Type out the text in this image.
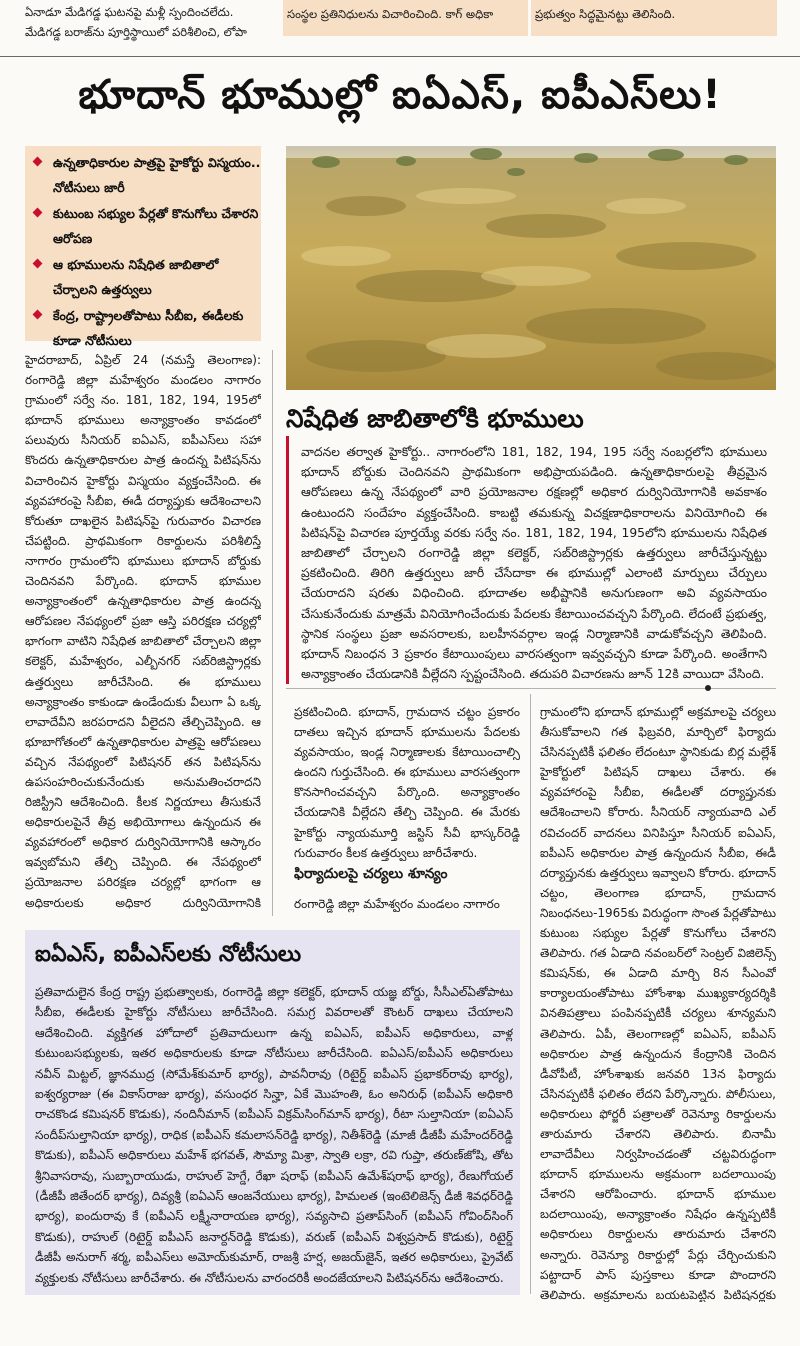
ఏనాడూ మేడిగడ్డ ఘటనపై మళ్లీ స్పందించలేదు.
మేడిగడ్డ బరాజ్‌ను పూర్తిస్థాయిలో పరిశీలించి, లోపా
సంస్థల ప్రతినిధులను విచారించింది. కాగ్ అధికా	ప్రభుత్వం సిద్ధమైనట్టు తెలిసింది.
భూదాన్ భూముల్లో ఐఏఎస్, ఐపీఎస్‌లు!
ఉన్నతాధికారుల పాత్రపై హైకోర్టు విస్మయం.. నోటీసులు జారీ
కుటుంబ సభ్యుల పేర్లతో కొనుగోలు చేశారని ఆరోపణ
ఆ భూములను నిషేధిత జాబితాలో చేర్చాలని ఉత్తర్వులు
కేంద్ర, రాష్ట్రాలతోపాటు సీబీఐ, ఈడీలకు కూడా నోటీసులు
నిషేధిత జాబితాలోకి భూములు

వాదనల తర్వాత హైకోర్టు.. నాగారంలోని 181, 182, 194, 195 సర్వే నంబర్లలోని భూములు భూదాన్ బోర్డుకు చెందినవని ప్రాథమికంగా అభిప్రాయపడింది. ఉన్నతాధికారులపై తీవ్రమైన ఆరోపణలు ఉన్న నేపథ్యంలో వారి ప్రయోజనాల రక్షణల్లో అధికార దుర్వినియోగానికి అవకాశం ఉంటుందని సందేహం వ్యక్తంచేసింది. కాబట్టి తమకున్న విచక్షణాధికారాలను వినియోగించి ఈ పిటిషన్‌పై విచారణ పూర్తయ్యే వరకు సర్వే నం. 181, 182, 194, 195లోని భూములను నిషేధిత జాబితాలో చేర్చాలని రంగారెడ్డి జిల్లా కలెక్టర్, సబ్‌రిజిస్ట్రార్లకు ఉత్తర్వులు జారీచేస్తున్నట్టు ప్రకటించింది. తిరిగి ఉత్తర్వులు జారీ చేసేదాకా ఈ భూముల్లో ఎలాంటి మార్పులు చేర్పులు చేయరాదని షరతు విధించింది. భూదాతల అభీష్టానికి అనుగుణంగా అవి వ్యవసాయం చేసుకునేందుకు మాత్రమే వినియోగించేందుకు పేదలకు కేటాయించవచ్చని పేర్కొంది. లేదంటే ప్రభుత్వ, స్థానిక సంస్థలు ప్రజా అవసరాలకు, బలహీనవర్గాల ఇండ్ల నిర్మాణానికి వాడుకోవచ్చని తెలిపింది. భూదాన్ నిబంధన 3 ప్రకారం కేటాయింపులు వారసత్వంగా ఇవ్వవచ్చని కూడా పేర్కొంది. అంతేగాని అన్యాక్రాంతం చేయడానికి వీల్లేదని స్పష్టంచేసింది. తదుపరి విచారణను జూన్ 12కి వాయిదా వేసింది.

హైదరాబాద్, ఏప్రిల్ 24 (నమస్తే తెలంగాణ): రంగారెడ్డి జిల్లా మహేశ్వరం మండలం నాగారం గ్రామంలో సర్వే నం. 181, 182, 194, 195లో భూదాన్ భూములు అన్యాక్రాంతం కావడంలో పలువురు సీనియర్ ఐఏఎస్, ఐపీఎస్‌లు సహా కొందరు ఉన్నతాధికారుల పాత్ర ఉందన్న పిటిషన్‌ను విచారించిన హైకోర్టు విస్మయం వ్యక్తంచేసింది. ఈ వ్యవహారంపై సీబీఐ, ఈడీ దర్యాప్తుకు ఆదేశించాలని కోరుతూ దాఖలైన పిటిషన్‌పై గురువారం విచారణ చేపట్టింది. ప్రాథమికంగా రికార్డులను పరిశీలిస్తే నాగారం గ్రామంలోని భూములు భూదాన్ బోర్డుకు చెందినవని పేర్కొంది. భూదాన్ భూముల అన్యాక్రాంతంలో ఉన్నతాధికారుల పాత్ర ఉందన్న ఆరోపణల నేపథ్యంలో ప్రజా ఆస్తి పరిరక్షణ చర్యల్లో భాగంగా వాటిని నిషేధిత జాబితాలో చేర్చాలని జిల్లా కలెక్టర్, మహేశ్వరం, ఎల్బీనగర్ సబ్‌రిజిస్ట్రార్లకు ఉత్తర్వులు జారీచేసింది. ఈ భూములు అన్యాక్రాంతం కాకుండా ఉండేందుకు వీలుగా ఏ ఒక్క లావాదేవీని జరపరాదని వీలైదని తేల్చిచెప్పింది. ఆ భూబాగోతంలో ఉన్నతాధికారుల పాత్రపై ఆరోపణలు వచ్చిన నేపథ్యంలో పిటిషనర్ తన పిటిషన్‌ను ఉపసంహరించుకునేందుకు అనుమతించరాదని రిజిస్ట్రీని ఆదేశించింది. కీలక నిర్ణయాలు తీసుకునే అధికారులపైనే తీవ్ర అభియోగాలు ఉన్నందున ఈ వ్యవహారంలో అధికార దుర్వినియోగానికి ఆస్కారం ఇవ్వబోమని తేల్చి చెప్పింది. ఈ నేపథ్యంలో ప్రయోజనాల పరిరక్షణ చర్యల్లో భాగంగా ఆ అధికారులకు అధికార దుర్వినియోగానికి

ప్రకటించింది. భూదాన్, గ్రామదాన చట్టం ప్రకారం దాతలు ఇచ్చిన భూదాన్ భూములను పేదలకు వ్యవసాయం, ఇండ్ల నిర్మాణాలకు కేటాయించాల్సి ఉందని గుర్తుచేసింది. ఈ భూములు వారసత్వంగా కొనసాగించవచ్చని పేర్కొంది. అన్యాక్రాంతం చేయడానికి వీల్లేదని తేల్చి చెప్పింది. ఈ మేరకు హైకోర్టు న్యాయమూర్తి జస్టిస్ సీవీ భాస్కర్‌రెడ్డి గురువారం కీలక ఉత్తర్వులు జారీచేశారు.

ఫిర్యాదులపై చర్యలు శూన్యం

రంగారెడ్డి జిల్లా మహేశ్వరం మండలం నాగారం

ఐఏఎస్, ఐపీఎస్‌లకు నోటీసులు

ప్రతివాదులైన కేంద్ర రాష్ట్ర ప్రభుత్వాలకు, రంగారెడ్డి జిల్లా కలెక్టర్, భూదాన్ యజ్ఞ బోర్డు, సీసీఎల్ఏతోపాటు సీబీఐ, ఈడీలకు హైకోర్టు నోటీసులు జారీచేసింది. సమగ్ర వివరాలతో కౌంటర్ దాఖలు చేయాలని ఆదేశించింది. వ్యక్తిగత హోదాలో ప్రతివాదులుగా ఉన్న ఐఏఎస్, ఐపీఎస్ అధికారులు, వాళ్ల కుటుంబసభ్యులకు, ఇతర అధికారులకు కూడా నోటీసులు జారీచేసింది. ఐఏఎస్/ఐపీఎస్ అధికారులు నవీన్ మిట్టల్, జ్ఞానముద్ర (సోమేశ్‌కుమార్ భార్య), పావనీరావు (రిటైర్డ్ ఐపీఎస్ ప్రభాకర్‌రావు భార్య), ఐశ్వర్యరాజు (ఈ వికాస్‌రాజు భార్య), వసుంధర సిన్హా, ఏకే మొహంతి, ఓం అనిరుధ్ (ఐపీఎస్ అధికారి రాచకొండ కమిషనర్ కొడుకు), నందినీమాన్ (ఐపీఎస్ విక్రమ్‌సింగ్‌మాన్ భార్య), రీటా సుల్తానియా (ఐఏఎస్ సందీప్‌సుల్తానియా భార్య), రాధిక (ఐపీఎస్ కమలాసన్‌రెడ్డి భార్య), నితీశ్‌రెడ్డి (మాజీ డీజీపీ మహేందర్‌రెడ్డి కొడుకు), ఐపీఎస్ అధికారులు మహేశ్ భగవత్, సౌమ్యా మిశ్రా, స్వాతి లక్రా, రవి గుప్తా, తరుణ్‌జోషి, తోట శ్రీనివాసరావు, సుబ్బారాయుడు, రాహుల్ హెగ్డే, రేఖా షరాఫ్ (ఐపీఎస్ ఉమేశ్‌షరాఫ్ భార్య), రేణుగోయల్ (డీజీపీ జితేందర్ భార్య), దివ్యశ్రీ (ఐఏఎస్ ఆంజనేయులు భార్య), హిమలత (ఇంటెలిజెన్స్ డీజీ శివధర్‌రెడ్డి భార్య), ఐందురావు కే (ఐపీఎస్ లక్ష్మీనారాయణ భార్య), సవ్యసాచి ప్రతాప్‌సింగ్ (ఐపీఎస్ గోవింద్‌సింగ్ కొడుకు), రాహుల్ (రిటైర్డ్ ఐపీఎస్ జనార్దన్‌రెడ్డి కొడుకు), వరుణ్ (ఐపీఎస్ విశ్వప్రసాద్ కొడుకు), రిటైర్డ్ డీజీపీ అనురాగ్ శర్మ, ఐపీఎస్‌లు అమోయ్‌కుమార్, రాజశ్రీ హర్ష, అజయ్‌జైన్, ఇతర అధికారులు, ప్రైవేట్ వ్యక్తులకు నోటీసులు జారీచేశారు. ఈ నోటీసులను వారందరికీ అందజేయాలని పిటిషనర్‌ను ఆదేశించారు.

గ్రామంలోని భూదాన్ భూముల్లో అక్రమాలపై చర్యలు తీసుకోవాలని గత ఫిబ్రవరి, మార్చిలో ఫిర్యాదు చేసినప్పటికీ ఫలితం లేదంటూ స్థానికుడు బిర్ల మల్లేశ్ హైకోర్టులో పిటిషన్ దాఖలు చేశారు. ఈ వ్యవహారంపై సీబీఐ, ఈడీలతో దర్యాప్తునకు ఆదేశించాలని కోరారు. సీనియర్ న్యాయవాది ఎల్ రవిచందర్ వాదనలు వినిపిస్తూ సీనియర్ ఐఏఎస్, ఐపీఎస్ అధికారుల పాత్ర ఉన్నందున సీబీఐ, ఈడీ దర్యాప్తునకు ఉత్తర్వులు ఇవ్వాలని కోరారు. భూదాన్ చట్టం, తెలంగాణ భూదాన్, గ్రామదాన నిబంధనలు-1965కు విరుద్ధంగా సొంత పేర్లతోపాటు కుటుంబ సభ్యుల పేర్లతో కొనుగోలు చేశారని తెలిపారు. గత ఏడాది నవంబర్‌లో సెంట్రల్ విజిలెన్స్ కమిషన్‌కు, ఈ ఏడాది మార్చి 8న సీఎంవో కార్యాలయంతోపాటు హోంశాఖ ముఖ్యకార్యదర్శికి వినతిపత్రాలు పంపినప్పటికీ చర్యలు శూన్యమని తెలిపారు. ఏపీ, తెలంగాణల్లో ఐఏఎస్, ఐపీఎస్ అధికారుల పాత్ర ఉన్నందున కేంద్రానికి చెందిన డీవోపీటీ, హోంశాఖకు జనవరి 13న ఫిర్యాదు చేసినప్పటికీ ఫలితం లేదని పేర్కొన్నారు. పోలీసులు, అధికారులు ఫోర్జరీ పత్రాలతో రెవెన్యూ రికార్డులను తారుమారు చేశారని తెలిపారు. బినామీ లావాదేవీలు నిర్వహించడంతో చట్టవిరుద్ధంగా భూదాన్ భూములను అక్రమంగా బదలాయింపు చేశారని ఆరోపించారు. భూదాన్ భూముల బదలాయింపు, అన్యాక్రాంతం నిషేధం ఉన్నప్పటికీ అధికారులు రికార్డులను తారుమారు చేశారని అన్నారు. రెవెన్యూ రికార్డుల్లో పేర్లు చేర్చించుకుని పట్టాదార్ పాస్ పుస్తకాలు కూడా పొందారని తెలిపారు. అక్రమాలను బయటపెట్టిన పిటిషనర్లకు
